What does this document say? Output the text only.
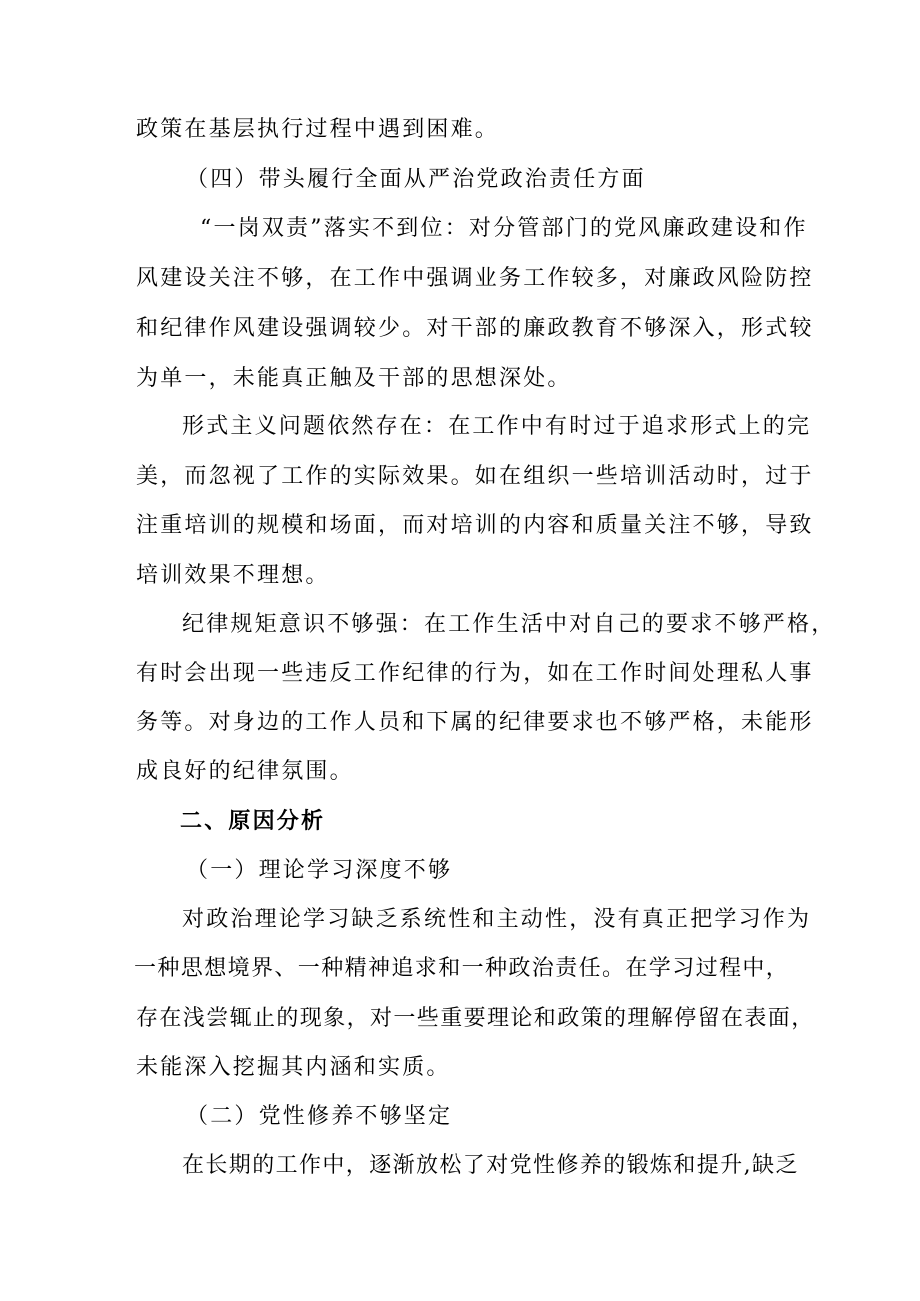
政策在基层执行过程中遇到困难。
（四）带头履行全面从严治党政治责任方面
“一岗双责”落实不到位：对分管部门的党风廉政建设和作
风建设关注不够，在工作中强调业务工作较多，对廉政风险防控
和纪律作风建设强调较少。对干部的廉政教育不够深入，形式较
为单一，未能真正触及干部的思想深处。
形式主义问题依然存在：在工作中有时过于追求形式上的完
美，而忽视了工作的实际效果。如在组织一些培训活动时，过于
注重培训的规模和场面，而对培训的内容和质量关注不够，导致
培训效果不理想。
纪律规矩意识不够强：在工作生活中对自己的要求不够严格，
有时会出现一些违反工作纪律的行为，如在工作时间处理私人事
务等。对身边的工作人员和下属的纪律要求也不够严格，未能形
成良好的纪律氛围。
二、原因分析
（一）理论学习深度不够
对政治理论学习缺乏系统性和主动性，没有真正把学习作为
一种思想境界、一种精神追求和一种政治责任。在学习过程中，
存在浅尝辄止的现象，对一些重要理论和政策的理解停留在表面，
未能深入挖掘其内涵和实质。
（二）党性修养不够坚定
在长期的工作中，逐渐放松了对党性修养的锻炼和提升,缺乏
